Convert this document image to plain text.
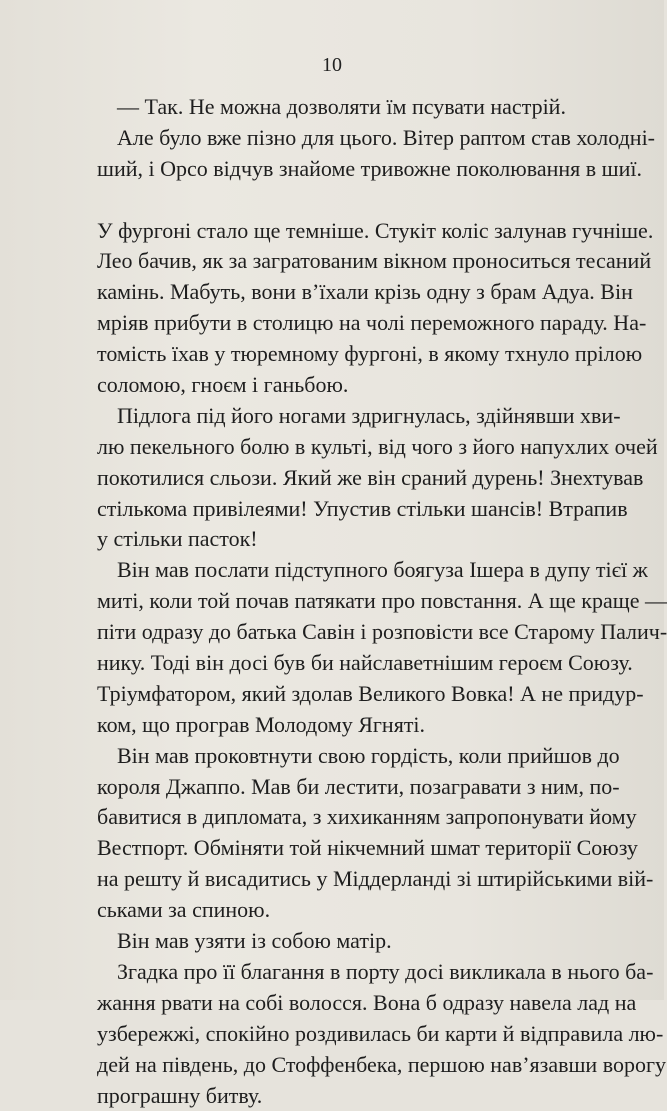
10
— Так. Не можна дозволяти їм псувати настрій.
Але було вже пізно для цього. Вітер раптом став холодні-
ший, і Орсо відчув знайоме тривожне поколювання в шиї.
У фургоні стало ще темніше. Стукіт коліс залунав гучніше.
Лео бачив, як за загратованим вікном проноситься тесаний
камінь. Мабуть, вони в’їхали крізь одну з брам Адуа. Він
мріяв прибути в столицю на чолі переможного параду. На-
томість їхав у тюремному фургоні, в якому тхнуло прілою
соломою, гноєм і ганьбою.
Підлога під його ногами здригнулась, здійнявши хви-
лю пекельного болю в культі, від чого з його напухлих очей
покотилися сльози. Який же він срaний дурень! Знехтував
стількома привілеями! Упустив стільки шансів! Втрапив
у стільки пасток!
Він мав послати підступного боягуза Ішера в дупу тієї ж
миті, коли той почав патякати про повстання. А ще краще —
піти одразу до батька Савін і розповісти все Старому Палич-
нику. Тоді він досі був би найславетнішим героєм Союзу.
Тріумфатором, який здолав Великого Вовка! А не придур-
ком, що програв Молодому Ягняті.
Він мав проковтнути свою гордість, коли прийшов до
короля Джаппо. Мав би лестити, позагравати з ним, по-
бавитися в дипломата, з хихиканням запропонувати йому
Вестпорт. Обміняти той нікчемний шмат території Союзу
на решту й висадитись у Міддерланді зі штирійськими вій-
ськами за спиною.
Він мав узяти із собою матір.
Згадка про її благання в порту досі викликала в нього ба-
жання рвати на собі волосся. Вона б одразу навела лад на
узбережжі, спокійно роздивилась би карти й відправила лю-
дей на південь, до Стоффенбека, першою нав’язавши ворогу
програшну битву.
